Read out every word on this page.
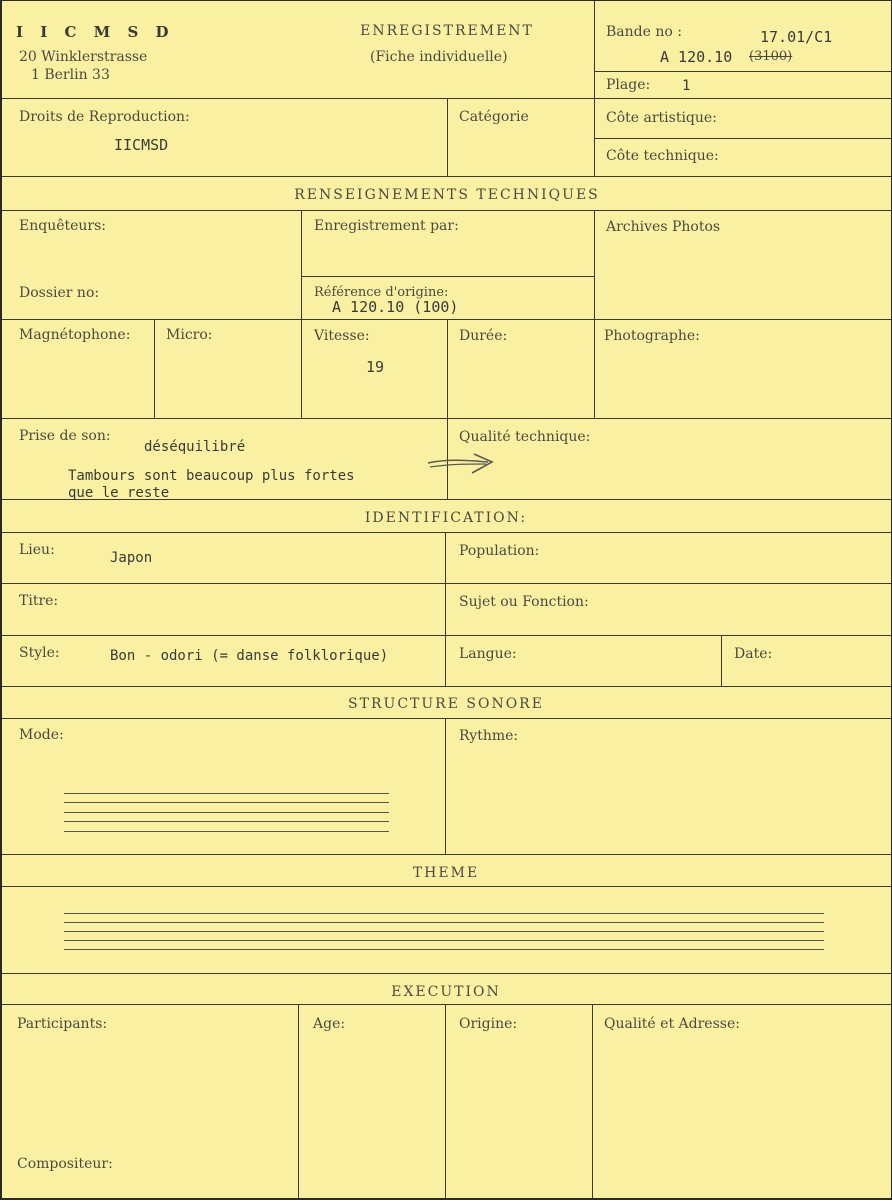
I I C M S D
20 Winklerstrasse
1 Berlin 33
ENREGISTREMENT
(Fiche individuelle)
Bande no :	17.01/C1
A 120.10 (3100)
Plage: 1
Droits de Reproduction:
IICMSD
Catégorie	Côte artistique:
Côte technique:
RENSEIGNEMENTS TECHNIQUES
Enquêteurs:	Enregistrement par:	Archives Photos
Dossier no:	Référence d'origine:
A 120.10 (100)
Magnétophone:	Micro:	Vitesse:
19
Durée:	Photographe:
Prise de son:
déséquilibré
Tambours sont beaucoup plus fortes
que le reste
Qualité technique:
IDENTIFICATION:
Lieu:	Japon	Population:
Titre:	Sujet ou Fonction:
Style:	Bon - odori (= danse folklorique)	Langue:	Date:
STRUCTURE SONORE
Mode:	Rythme:
THEME
EXECUTION
Participants:	Age:	Origine:	Qualité et Adresse:
Compositeur:
